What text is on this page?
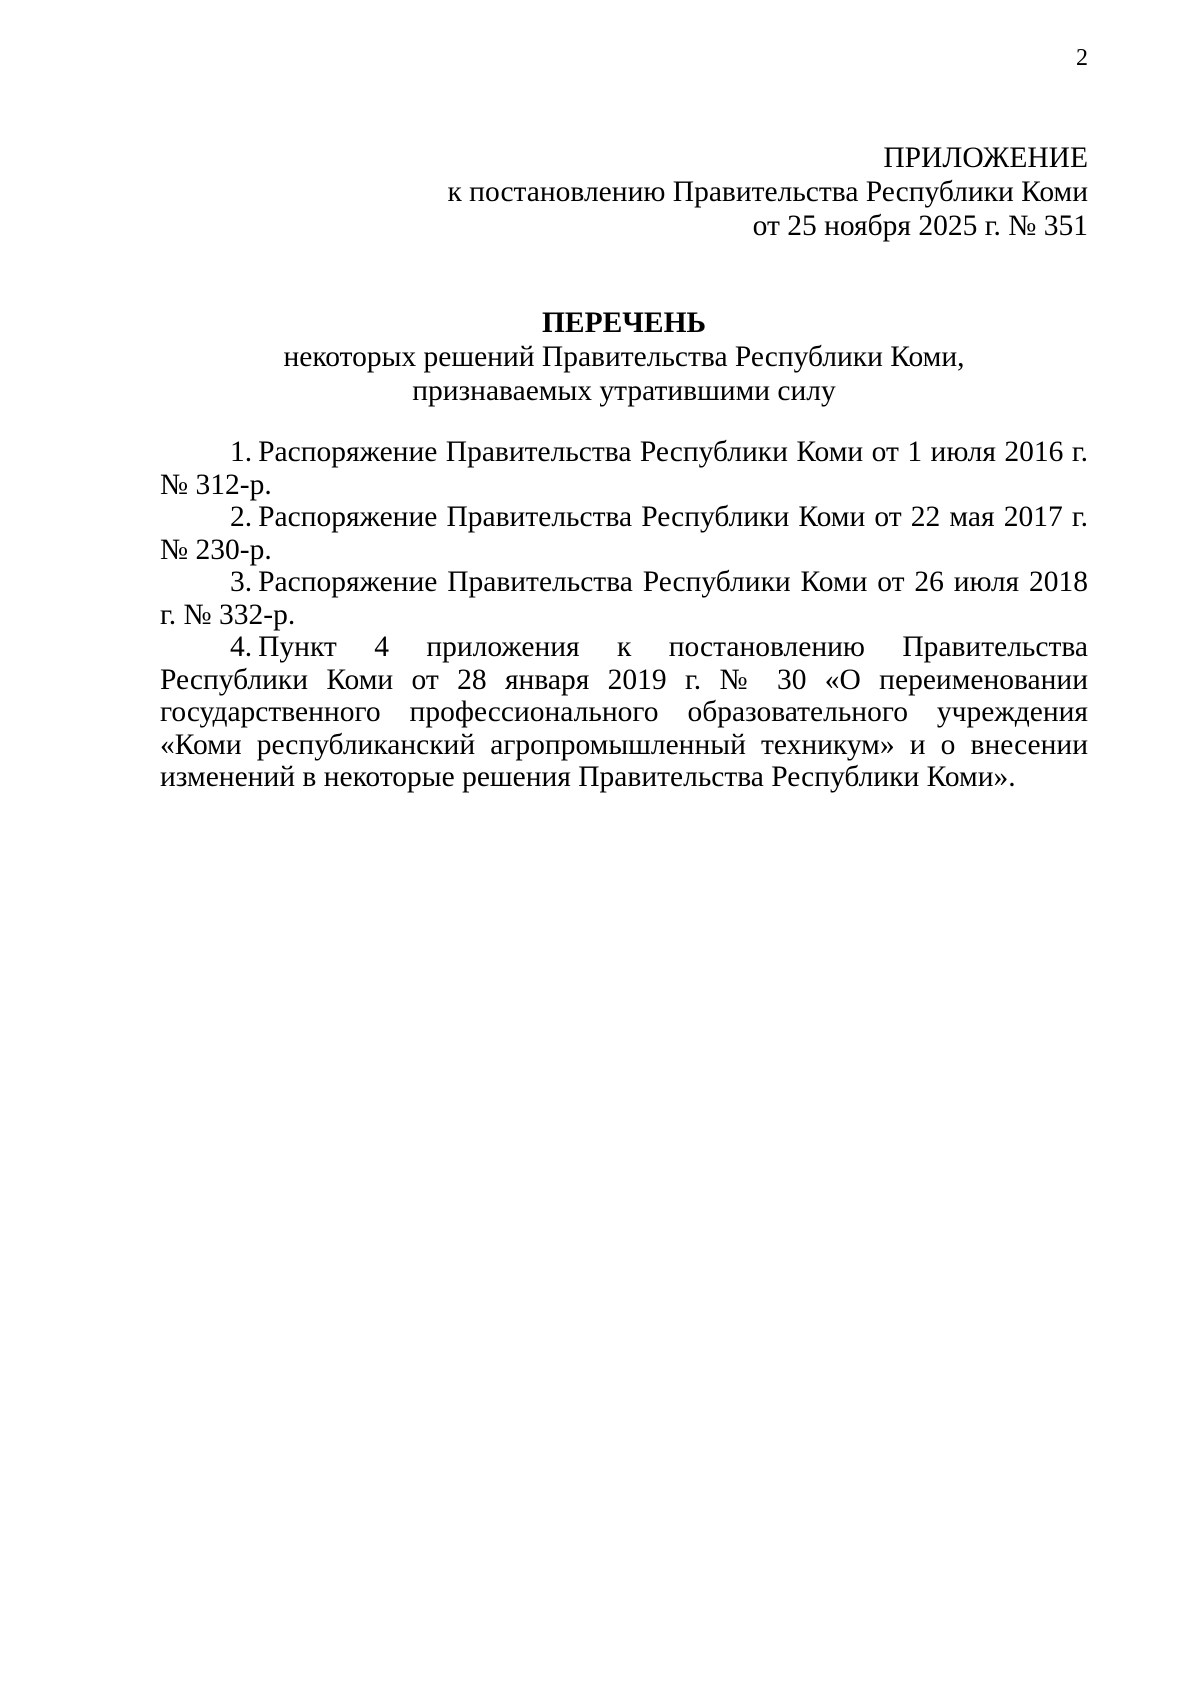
2
ПРИЛОЖЕНИЕ
к постановлению Правительства Республики Коми
от 25 ноября 2025 г. № 351
ПЕРЕЧЕНЬ
некоторых решений Правительства Республики Коми,
признаваемых утратившими силу

1. Распоряжение Правительства Республики Коми от 1 июля 2016 г. № 312-р.

2. Распоряжение Правительства Республики Коми от 22 мая 2017 г. № 230-р.

3. Распоряжение Правительства Республики Коми от 26 июля 2018 г. № 332-р.

4. Пункт 4 приложения к постановлению Правительства Республики Коми от 28 января 2019 г. № 30 «О переименовании государственного профессионального образовательного учреждения «Коми республиканский агропромышленный техникум» и о внесении изменений в некоторые решения Правительства Республики Коми».
